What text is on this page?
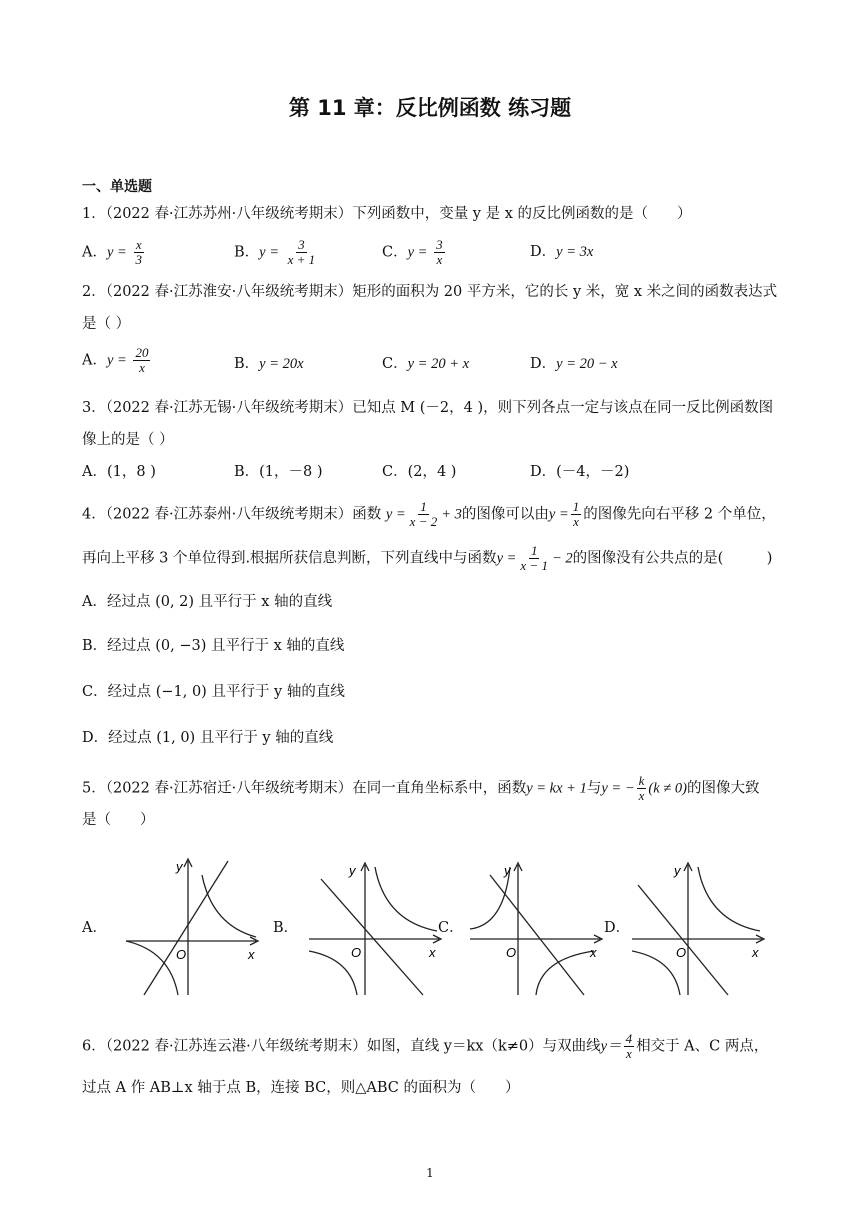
第 11 章：反比例函数 练习题
一、单选题
1．（2022 春·江苏苏州·八年级统考期末）下列函数中，变量 y 是 x 的反比例函数的是（　　）
A．$y = \frac{x}{3}$	B．$y = \frac{3}{x + 1}$	C．$y = \frac{3}{x}$	D．y = 3x
2．（2022 春·江苏淮安·八年级统考期末）矩形的面积为 20 平方米，它的长 y 米，宽 x 米之间的函数表达式
是（ ）
A．$y = \frac{20}{x}$	B．y = 20x	C．y = 20 + x	D．y = 20 − x
3．（2022 春·江苏无锡·八年级统考期末）已知点 M (－2，4 )，则下列各点一定与该点在同一反比例函数图
像上的是（ ）
A．(1，8 )	B．(1，－8 )	C．(2，4 )	D．(－4，－2)
4．（2022 春·江苏泰州·八年级统考期末）函数 $y = \frac{1}{x - 2} + 3$的图像可以由$y = \frac{1}{x}$ 的图像先向右平移 2 个单位，
再向上平移 3 个单位得到.根据所获信息判断，下列直线中与函数$y = \frac{1}{x - 1} - 2$的图像没有公共点的是(　　　)
A．经过点 (0, 2) 且平行于 x 轴的直线
B．经过点 (0, −3) 且平行于 x 轴的直线
C．经过点 (−1, 0) 且平行于 y 轴的直线
D．经过点 (1, 0) 且平行于 y 轴的直线
5．（2022 春·江苏宿迁·八年级统考期末）在同一直角坐标系中，函数y = kx + 1与y = − $\frac{k}{x} (k \ne 0)$的图像大致
是（　　）
A．	B．	C．	D．
y
x
O
y
x
O
y
x
O
y
x
O
6．（2022 春·江苏连云港·八年级统考期末）如图，直线 y＝kx（k≠0）与双曲线$y= \frac{4}{x}$ 相交于 A、C 两点，
过点 A 作 AB⊥x 轴于点 B，连接 BC，则△ABC 的面积为（　　）
1
